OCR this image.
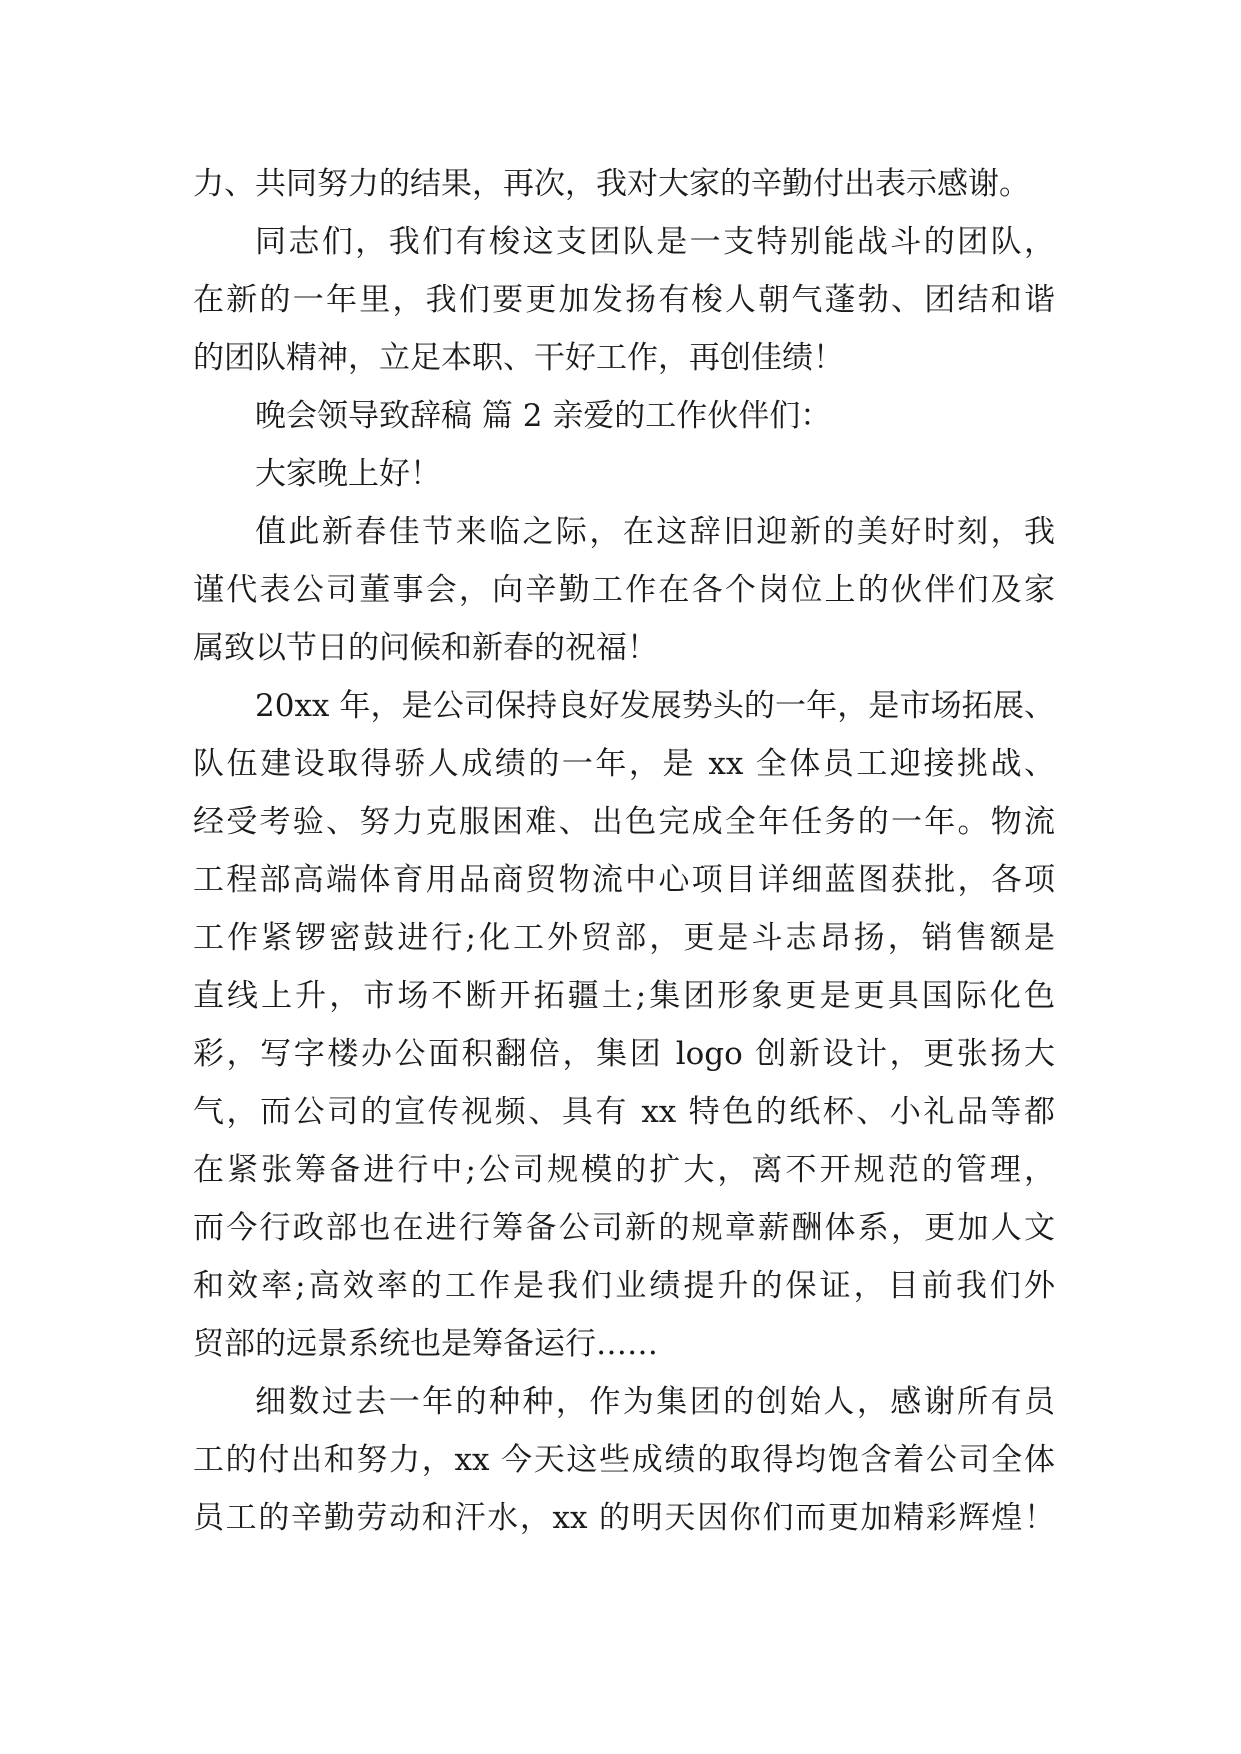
力、共同努力的结果，再次，我对大家的辛勤付出表示感谢。
同志们，我们有梭这支团队是一支特别能战斗的团队，
在新的一年里，我们要更加发扬有梭人朝气蓬勃、团结和谐
的团队精神，立足本职、干好工作，再创佳绩！
晚会领导致辞稿 篇 2 亲爱的工作伙伴们：
大家晚上好！
值此新春佳节来临之际，在这辞旧迎新的美好时刻，我
谨代表公司董事会，向辛勤工作在各个岗位上的伙伴们及家
属致以节日的问候和新春的祝福！
20xx 年，是公司保持良好发展势头的一年，是市场拓展、
队伍建设取得骄人成绩的一年，是 xx 全体员工迎接挑战、
经受考验、努力克服困难、出色完成全年任务的一年。物流
工程部高端体育用品商贸物流中心项目详细蓝图获批，各项
工作紧锣密鼓进行;化工外贸部，更是斗志昂扬，销售额是
直线上升，市场不断开拓疆土;集团形象更是更具国际化色
彩，写字楼办公面积翻倍，集团 logo 创新设计，更张扬大
气，而公司的宣传视频、具有 xx 特色的纸杯、小礼品等都
在紧张筹备进行中;公司规模的扩大，离不开规范的管理，
而今行政部也在进行筹备公司新的规章薪酬体系，更加人文
和效率;高效率的工作是我们业绩提升的保证，目前我们外
贸部的远景系统也是筹备运行……
细数过去一年的种种，作为集团的创始人，感谢所有员
工的付出和努力，xx 今天这些成绩的取得均饱含着公司全体
员工的辛勤劳动和汗水，xx 的明天因你们而更加精彩辉煌！
